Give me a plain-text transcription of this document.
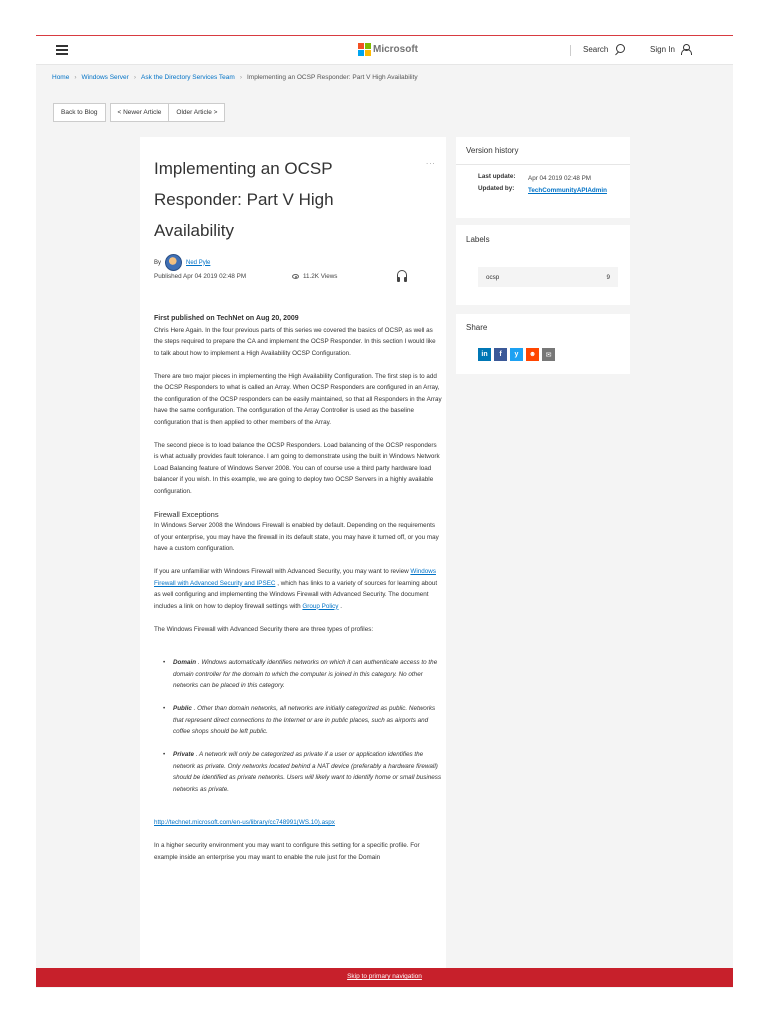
Microsoft	Search	Sign In
Home › Windows Server › Ask the Directory Services Team › Implementing an OCSP Responder: Part V High Availability
Back to Blog	< Newer Article	Older Article >
Implementing an OCSP Responder: Part V High Availability
...
By	Ned Pyle
Published Apr 04 2019 02:48 PM	11.2K Views
First published on TechNet on Aug 20, 2009

Chris Here Again. In the four previous parts of this series we covered the basics of OCSP, as well as the steps required to prepare the CA and implement the OCSP Responder. In this section I would like to talk about how to implement a High Availability OCSP Configuration.

There are two major pieces in implementing the High Availability Configuration. The first step is to add the OCSP Responders to what is called an Array. When OCSP Responders are configured in an Array, the configuration of the OCSP responders can be easily maintained, so that all Responders in the Array have the same configuration. The configuration of the Array Controller is used as the baseline configuration that is then applied to other members of the Array.

The second piece is to load balance the OCSP Responders. Load balancing of the OCSP responders is what actually provides fault tolerance. I am going to demonstrate using the built in Windows Network Load Balancing feature of Windows Server 2008. You can of course use a third party hardware load balancer if you wish. In this example, we are going to deploy two OCSP Servers in a highly available configuration.

Firewall Exceptions

In Windows Server 2008 the Windows Firewall is enabled by default. Depending on the requirements of your enterprise, you may have the firewall in its default state, you may have it turned off, or you may have a custom configuration.

If you are unfamiliar with Windows Firewall with Advanced Security, you may want to review Windows Firewall with Advanced Security and IPSEC , which has links to a variety of sources for learning about as well configuring and implementing the Windows Firewall with Advanced Security. The document includes a link on how to deploy firewall settings with Group Policy .

The Windows Firewall with Advanced Security there are three types of profiles:

• Domain . Windows automatically identifies networks on which it can authenticate access to the domain controller for the domain to which the computer is joined in this category. No other networks can be placed in this category.
• Public . Other than domain networks, all networks are initially categorized as public. Networks that represent direct connections to the Internet or are in public places, such as airports and coffee shops should be left public.
• Private . A network will only be categorized as private if a user or application identifies the network as private. Only networks located behind a NAT device (preferably a hardware firewall) should be identified as private networks. Users will likely want to identify home or small business networks as private.

http://technet.microsoft.com/en-us/library/cc748991(WS.10).aspx

In a higher security environment you may want to configure this setting for a specific profile. For example inside an enterprise you may want to enable the rule just for the Domain

Version history
Last update:	Apr 04 2019 02:48 PM
Updated by:	TechCommunityAPIAdmin
Labels
ocsp	9
Share
in	f	y	☻	✉
Skip to primary navigation
